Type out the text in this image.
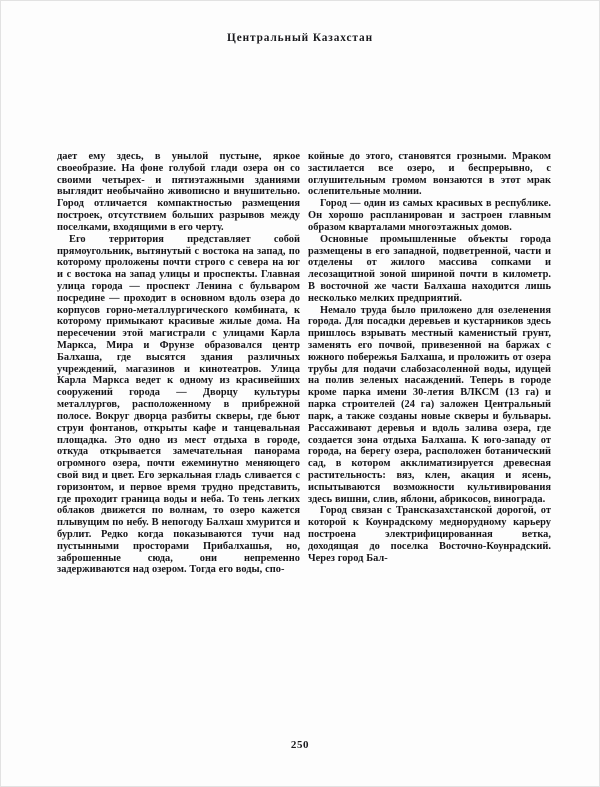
Центральный Казахстан

дает ему здесь, в унылой пустыне, яркое своеобразие. На фоне голубой глади озера он со своими четырех- и пятиэтажными зданиями выглядит необычайно живописно и внушительно. Город отличается компактностью размещения построек, отсутствием больших разрывов между поселками, входящими в его черту.

Его территория представляет собой прямоугольник, вытянутый с востока на запад, по которому проложены почти строго с севера на юг и с востока на запад улицы и проспекты. Главная улица города — проспект Ленина с бульваром посредине — проходит в основном вдоль озера до корпусов горно-металлургического комбината, к которому примыкают красивые жилые дома. На пересечении этой магистрали с улицами Карла Маркса, Мира и Фрунзе образовался центр Балхаша, где высятся здания различных учреждений, магазинов и кинотеатров. Улица Карла Маркса ведет к одному из красивейших сооружений города — Дворцу культуры металлургов, расположенному в прибрежной полосе. Вокруг дворца разбиты скверы, где бьют струи фонтанов, открыты кафе и танцевальная площадка. Это одно из мест отдыха в городе, откуда открывается замечательная панорама огромного озера, почти ежеминутно меняющего свой вид и цвет. Его зеркальная гладь сливается с горизонтом, и первое время трудно представить, где проходит граница воды и неба. То тень легких облаков движется по волнам, то озеро кажется плывущим по небу. В непогоду Балхаш хмурится и бурлит. Редко когда показываются тучи над пустынными просторами Прибалхашья, но, заброшенные сюда, они непременно задерживаются над озером. Тогда его воды, спо-

койные до этого, становятся грозными. Мраком застилается все озеро, и беспрерывно, с оглушительным громом вонзаются в этот мрак ослепительные молнии.

Город — один из самых красивых в республике. Он хорошо распланирован и застроен главным образом кварталами многоэтажных домов.

Основные промышленные объекты города размещены в его западной, подветренной, части и отделены от жилого массива сопками и лесозащитной зоной шириной почти в километр. В восточной же части Балхаша находится лишь несколько мелких предприятий.

Немало труда было приложено для озеленения города. Для посадки деревьев и кустарников здесь пришлось взрывать местный каменистый грунт, заменять его почвой, привезенной на баржах с южного побережья Балхаша, и проложить от озера трубы для подачи слабозасоленной воды, идущей на полив зеленых насаждений. Теперь в городе кроме парка имени 30-летия ВЛКСМ (13 га) и парка строителей (24 га) заложен Центральный парк, а также созданы новые скверы и бульвары. Рассаживают деревья и вдоль залива озера, где создается зона отдыха Балхаша. К юго-западу от города, на берегу озера, расположен ботанический сад, в котором акклиматизируется древесная растительность: вяз, клен, акация и ясень, испытываются возможности культивирования здесь вишни, слив, яблони, абрикосов, винограда.

Город связан с Трансказахстанской дорогой, от которой к Коунрадскому меднорудному карьеру построена электрифицированная ветка, доходящая до поселка Восточно-Коунрадский. Через город Бал-

250
